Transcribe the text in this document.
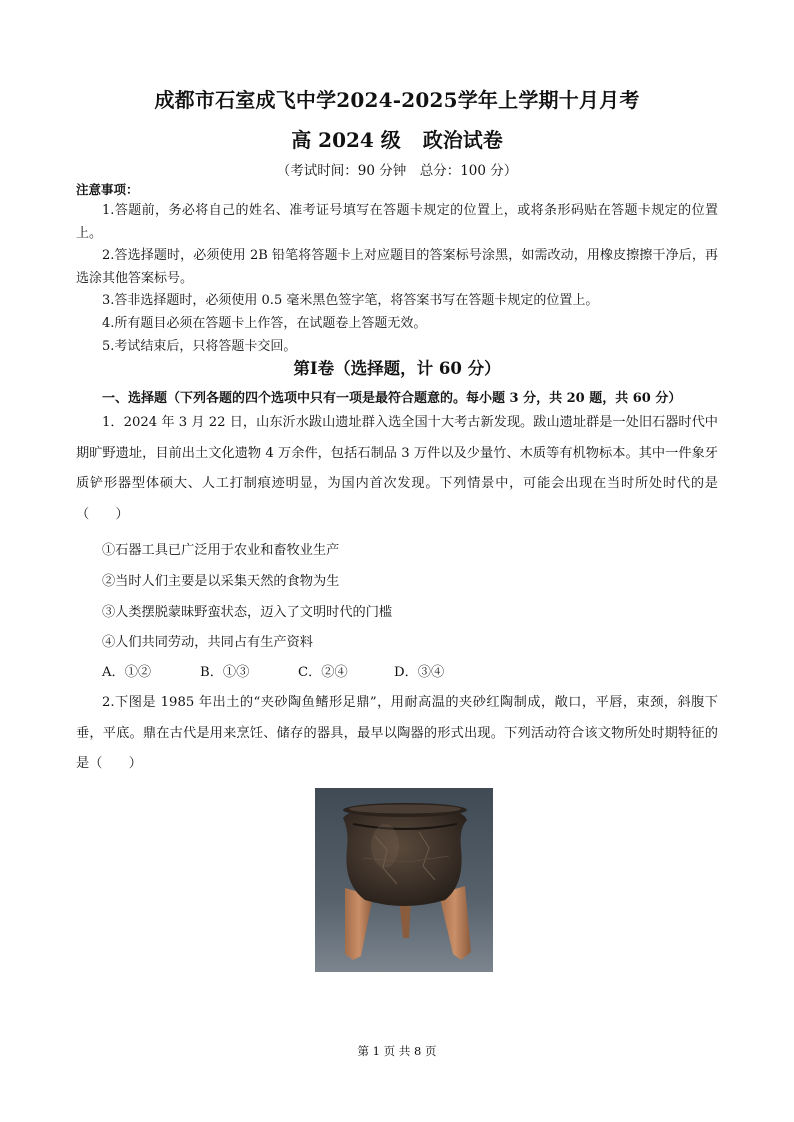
成都市石室成飞中学2024-2025学年上学期十月月考
高 2024 级 政治试卷
（考试时间：90 分钟　总分：100 分）
注意事项：

1.答题前，务必将自己的姓名、准考证号填写在答题卡规定的位置上，或将条形码贴在答题卡规定的位置上。

2.答选择题时，必须使用 2B 铅笔将答题卡上对应题目的答案标号涂黑，如需改动，用橡皮擦擦干净后，再选涂其他答案标号。

3.答非选择题时，必须使用 0.5 毫米黑色签字笔，将答案书写在答题卡规定的位置上。

4.所有题目必须在答题卡上作答，在试题卷上答题无效。

5.考试结束后，只将答题卡交回。

第Ⅰ卷（选择题，计 60 分）
一、选择题（下列各题的四个选项中只有一项是最符合题意的。每小题 3 分，共 20 题，共 60 分）

1．2024 年 3 月 22 日，山东沂水跋山遗址群入选全国十大考古新发现。跋山遗址群是一处旧石器时代中期旷野遗址，目前出土文化遗物 4 万余件，包括石制品 3 万件以及少量竹、木质等有机物标本。其中一件象牙质铲形器型体硕大、人工打制痕迹明显，为国内首次发现。下列情景中，可能会出现在当时所处时代的是（　　）

①石器工具已广泛用于农业和畜牧业生产
②当时人们主要是以采集天然的食物为生
③人类摆脱蒙昧野蛮状态，迈入了文明时代的门槛
④人们共同劳动，共同占有生产资料
A．①②	B．①③	C．②④	D．③④

2.下图是 1985 年出土的“夹砂陶鱼鳍形足鼎”，用耐高温的夹砂红陶制成，敞口，平唇，束颈，斜腹下垂，平底。鼎在古代是用来烹饪、储存的器具，最早以陶器的形式出现。下列活动符合该文物所处时期特征的是（　　）

第 1 页 共 8 页
